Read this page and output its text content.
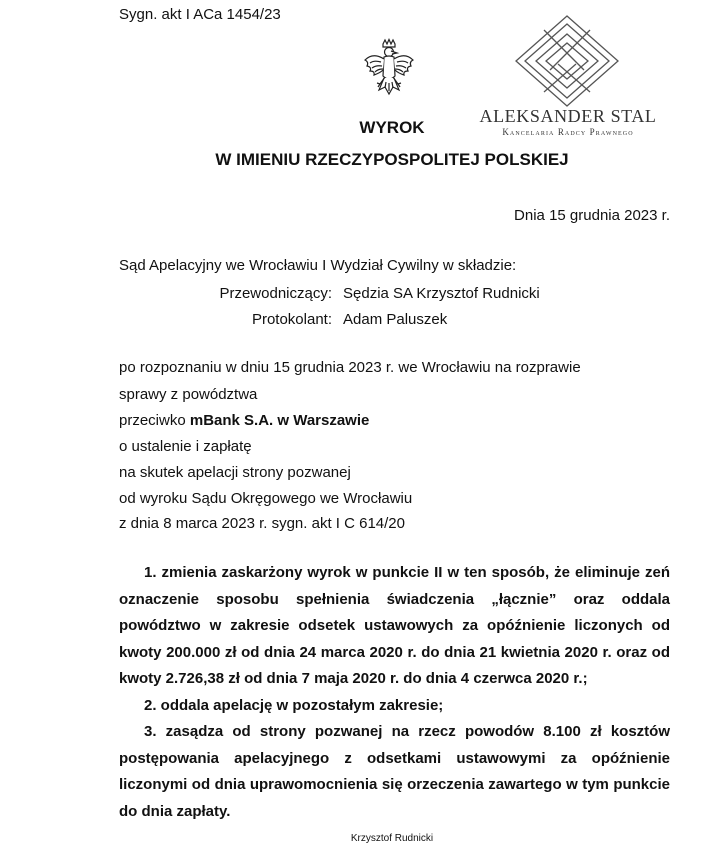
Sygn. akt I ACa 1454/23
ALEKSANDER STAL
Kancelaria Radcy Prawnego
WYROK
W IMIENIU RZECZYPOSPOLITEJ POLSKIEJ
Dnia 15 grudnia 2023 r.
Sąd Apelacyjny we Wrocławiu I Wydział Cywilny w składzie:
Przewodniczący: Sędzia SA Krzysztof Rudnicki
Protokolant: Adam Paluszek
po rozpoznaniu w dniu 15 grudnia 2023 r. we Wrocławiu na rozprawie
sprawy z powództwa
przeciwko mBank S.A. w Warszawie
o ustalenie i zapłatę
na skutek apelacji strony pozwanej
od wyroku Sądu Okręgowego we Wrocławiu
z dnia 8 marca 2023 r. sygn. akt I C 614/20

1. zmienia zaskarżony wyrok w punkcie II w ten sposób, że eliminuje zeń oznaczenie sposobu spełnienia świadczenia „łącznie” oraz oddala powództwo w zakresie odsetek ustawowych za opóźnienie liczonych od kwoty 200.000 zł od dnia 24 marca 2020 r. do dnia 21 kwietnia 2020 r. oraz od kwoty 2.726,38 zł od dnia 7 maja 2020 r. do dnia 4 czerwca 2020 r.;

2. oddala apelację w pozostałym zakresie;

3. zasądza od strony pozwanej na rzecz powodów 8.100 zł kosztów postępowania apelacyjnego z odsetkami ustawowymi za opóźnienie liczonymi od dnia uprawomocnienia się orzeczenia zawartego w tym punkcie do dnia zapłaty.

Krzysztof Rudnicki
